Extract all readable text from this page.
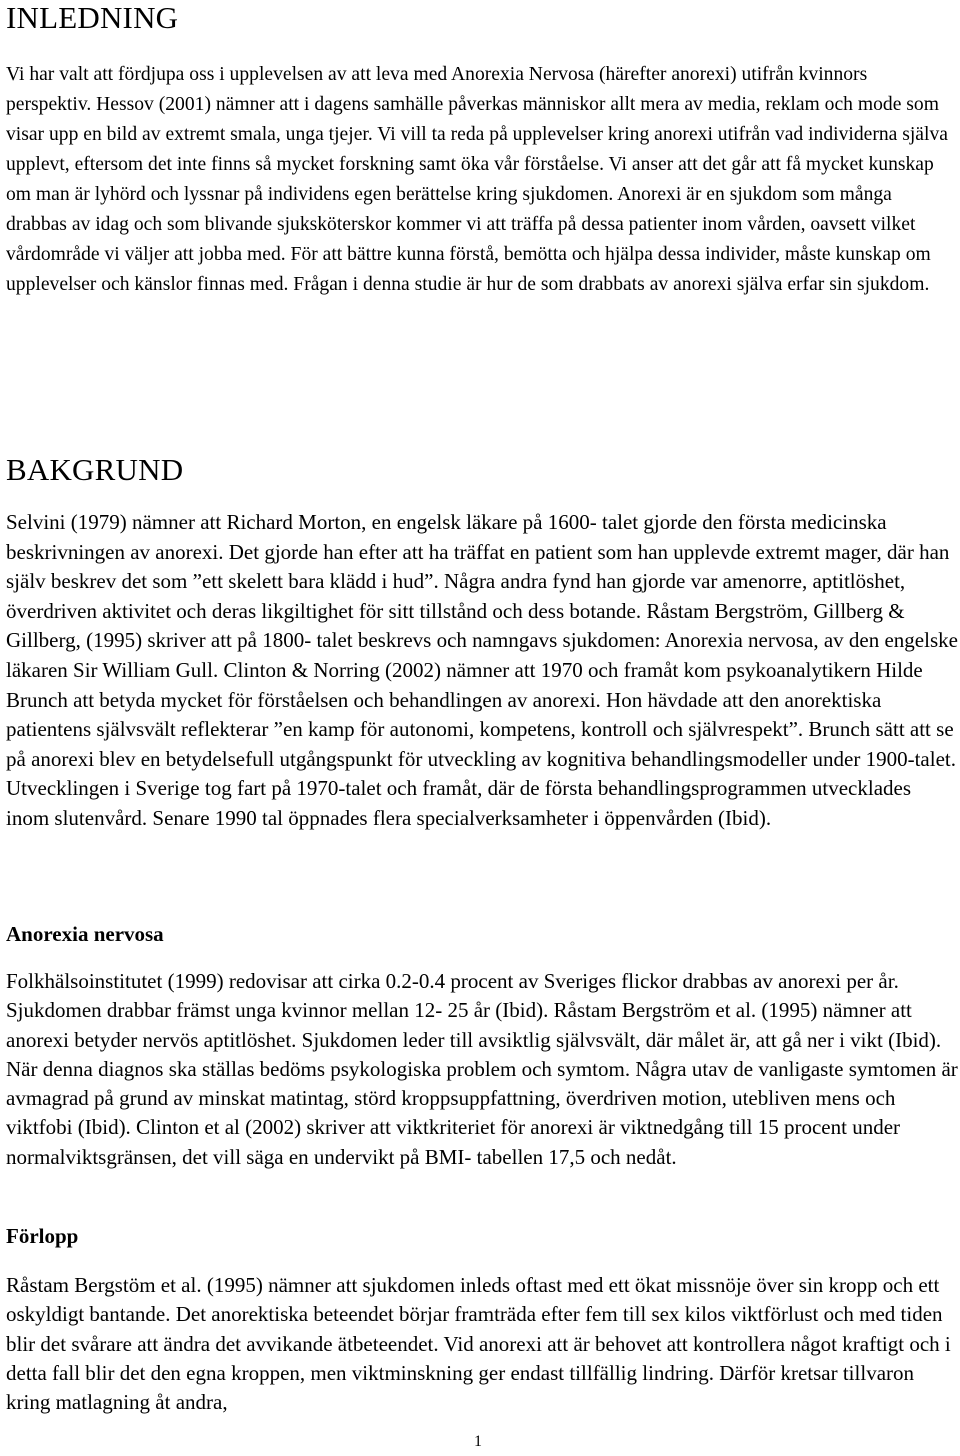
INLEDNING

Vi har valt att fördjupa oss i upplevelsen av att leva med Anorexia Nervosa (härefter anorexi) utifrån kvinnors perspektiv. Hessov (2001) nämner att i dagens samhälle påverkas människor allt mera av media, reklam och mode som visar upp en bild av extremt smala, unga tjejer. Vi vill ta reda på upplevelser kring anorexi utifrån vad individerna själva upplevt, eftersom det inte finns så mycket forskning samt öka vår förståelse. Vi anser att det går att få mycket kunskap om man är lyhörd och lyssnar på individens egen berättelse kring sjukdomen. Anorexi är en sjukdom som många drabbas av idag och som blivande sjuksköterskor kommer vi att träffa på dessa patienter inom vården, oavsett vilket vårdområde vi väljer att jobba med. För att bättre kunna förstå, bemötta och hjälpa dessa individer, måste kunskap om upplevelser och känslor finnas med. Frågan i denna studie är hur de som drabbats av anorexi själva erfar sin sjukdom.

BAKGRUND

Selvini (1979) nämner att Richard Morton, en engelsk läkare på 1600- talet gjorde den första medicinska beskrivningen av anorexi. Det gjorde han efter att ha träffat en patient som han upplevde extremt mager, där han själv beskrev det som ”ett skelett bara klädd i hud”. Några andra fynd han gjorde var amenorre, aptitlöshet, överdriven aktivitet och deras likgiltighet för sitt tillstånd och dess botande. Råstam Bergström, Gillberg & Gillberg, (1995) skriver att på 1800- talet beskrevs och namngavs sjukdomen: Anorexia nervosa, av den engelske läkaren Sir William Gull. Clinton & Norring (2002) nämner att 1970 och framåt kom psykoanalytikern Hilde Brunch att betyda mycket för förståelsen och behandlingen av anorexi. Hon hävdade att den anorektiska patientens självsvält reflekterar ”en kamp för autonomi, kompetens, kontroll och självrespekt”. Brunch sätt att se på anorexi blev en betydelsefull utgångspunkt för utveckling av kognitiva behandlingsmodeller under 1900-talet. Utvecklingen i Sverige tog fart på 1970-talet och framåt, där de första behandlingsprogrammen utvecklades inom slutenvård. Senare 1990 tal öppnades flera specialverksamheter i öppenvården (Ibid).

Anorexia nervosa

Folkhälsoinstitutet (1999) redovisar att cirka 0.2-0.4 procent av Sveriges flickor drabbas av anorexi per år. Sjukdomen drabbar främst unga kvinnor mellan 12- 25 år (Ibid). Råstam Bergström et al. (1995) nämner att anorexi betyder nervös aptitlöshet. Sjukdomen leder till avsiktlig självsvält, där målet är, att gå ner i vikt (Ibid). När denna diagnos ska ställas bedöms psykologiska problem och symtom. Några utav de vanligaste symtomen är avmagrad på grund av minskat matintag, störd kroppsuppfattning, överdriven motion, utebliven mens och viktfobi (Ibid). Clinton et al (2002) skriver att viktkriteriet för anorexi är viktnedgång till 15 procent under normalviktsgränsen, det vill säga en undervikt på BMI- tabellen 17,5 och nedåt.

Förlopp

Råstam Bergstöm et al. (1995) nämner att sjukdomen inleds oftast med ett ökat missnöje över sin kropp och ett oskyldigt bantande. Det anorektiska beteendet börjar framträda efter fem till sex kilos viktförlust och med tiden blir det svårare att ändra det avvikande ätbeteendet. Vid anorexi att är behovet att kontrollera något kraftigt och i detta fall blir det den egna kroppen, men viktminskning ger endast tillfällig lindring. Därför kretsar tillvaron kring matlagning åt andra,

1
